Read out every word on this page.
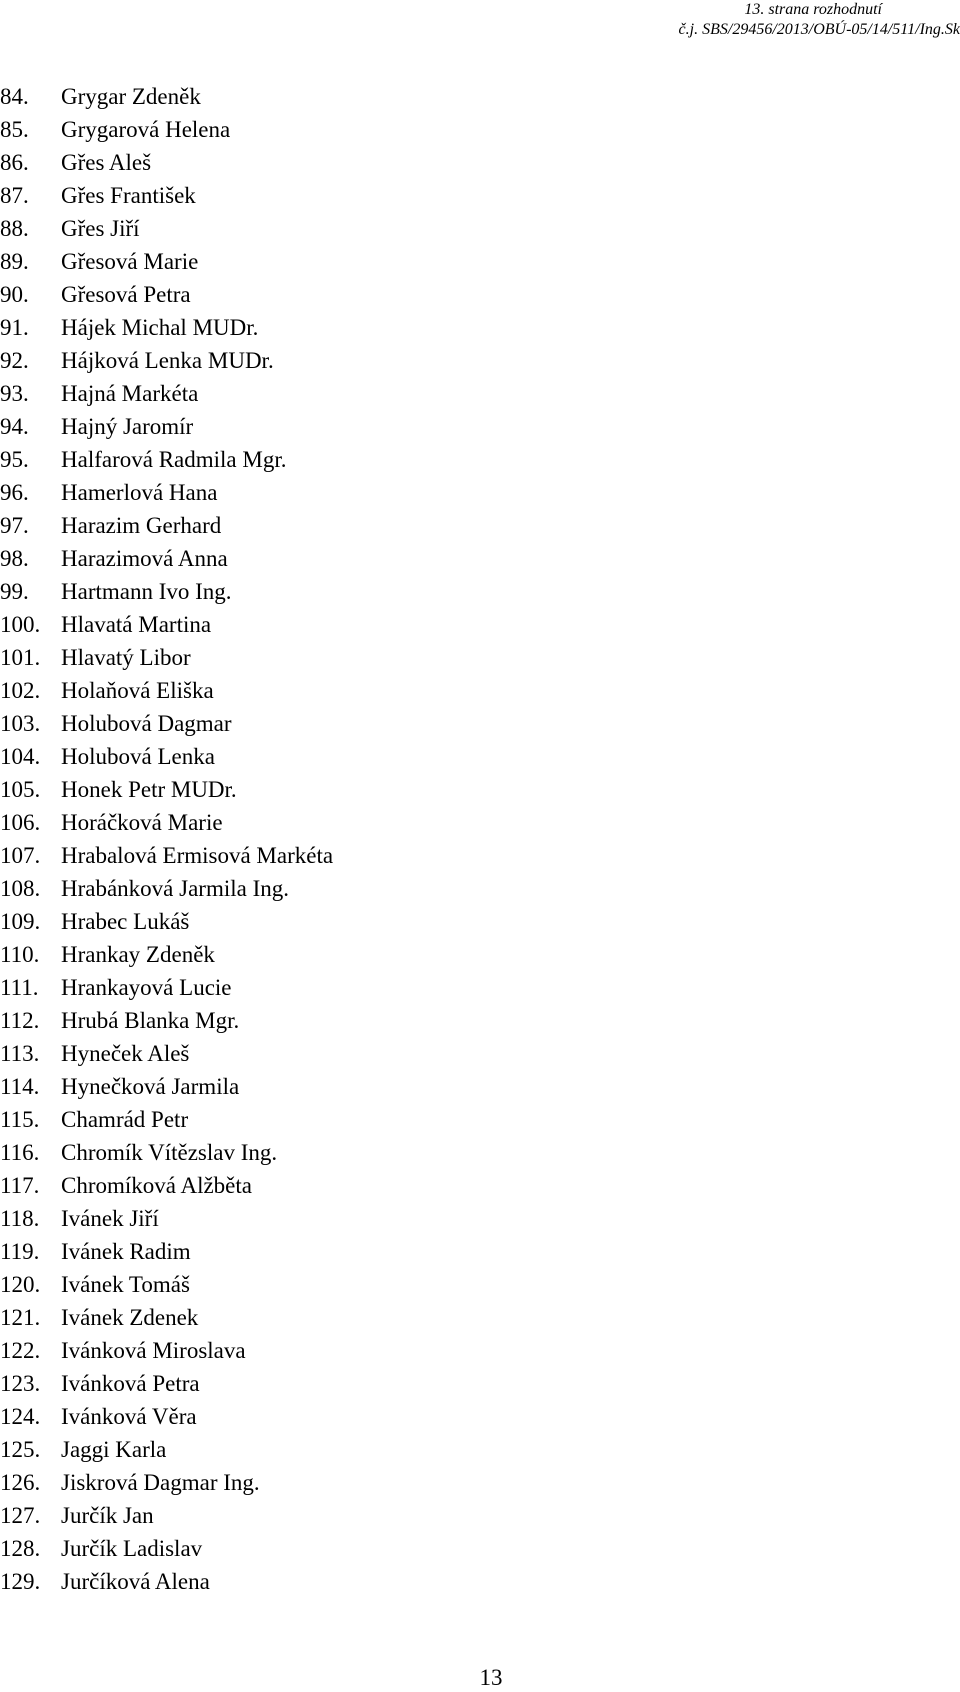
13. strana rozhodnutí
č.j. SBS/29456/2013/OBÚ-05/14/511/Ing.Sk
84. Grygar Zdeněk
85. Grygarová Helena
86. Gřes Aleš
87. Gřes František
88. Gřes Jiří
89. Gřesová Marie
90. Gřesová Petra
91. Hájek Michal MUDr.
92. Hájková Lenka MUDr.
93. Hajná Markéta
94. Hajný Jaromír
95. Halfarová Radmila Mgr.
96. Hamerlová Hana
97. Harazim Gerhard
98. Harazimová Anna
99. Hartmann Ivo Ing.
100. Hlavatá Martina
101. Hlavatý Libor
102. Holaňová Eliška
103. Holubová Dagmar
104. Holubová Lenka
105. Honek Petr MUDr.
106. Horáčková Marie
107. Hrabalová Ermisová Markéta
108. Hrabánková Jarmila Ing.
109. Hrabec Lukáš
110. Hrankay Zdeněk
111. Hrankayová Lucie
112. Hrubá Blanka Mgr.
113. Hyneček Aleš
114. Hynečková Jarmila
115. Chamrád Petr
116. Chromík Vítězslav Ing.
117. Chromíková Alžběta
118. Ivánek Jiří
119. Ivánek Radim
120. Ivánek Tomáš
121. Ivánek Zdenek
122. Ivánková Miroslava
123. Ivánková Petra
124. Ivánková Věra
125. Jaggi Karla
126. Jiskrová Dagmar Ing.
127. Jurčík Jan
128. Jurčík Ladislav
129. Jurčíková Alena
13
